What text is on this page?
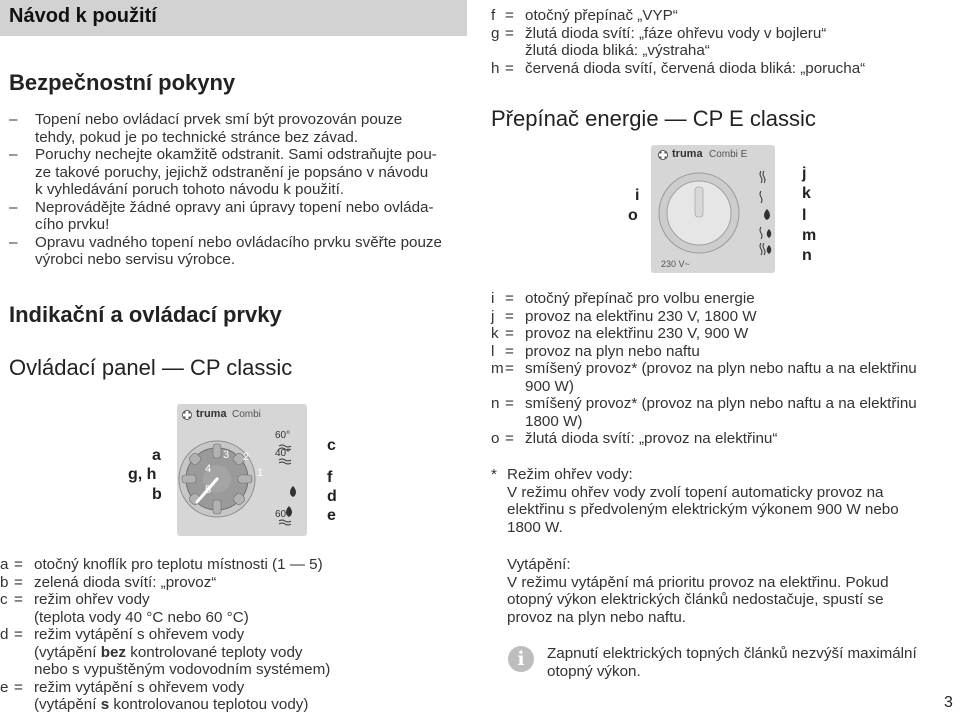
Návod k použití
Bezpečnostní pokyny
– Topení nebo ovládací prvek smí být provozován pouze
tehdy, pokud je po technické stránce bez závad.
– Poruchy nechejte okamžitě odstranit. Sami odstraňujte pou-
ze takové poruchy, jejichž odstranění je popsáno v návodu
k vyhledávání poruch tohoto návodu k použití.
– Neprovádějte žádné opravy ani úpravy topení nebo ovláda-
cího prvku!
– Opravu vadného topení nebo ovládacího prvku svěřte pouze
výrobci nebo servisu výrobce.
Indikační a ovládací prvky

Ovládací panel — CP classic

truma Combi
60°
40°
60°
1
2
3
4
5
a
g, h
b
c
f
d
e
a = otočný knoflík pro teplotu místnosti (1 — 5)
b = zelená dioda svítí: „provoz“
c = režim ohřev vody
(teplota vody 40 °C nebo 60 °C)
d = režim vytápění s ohřevem vody
(vytápění bez kontrolované teploty vody
nebo s vypuštěným vodovodním systémem)
e = režim vytápění s ohřevem vody
(vytápění s kontrolovanou teplotou vody)
f = otočný přepínač „VYP“
g = žlutá dioda svítí: „fáze ohřevu vody v bojleru“
žlutá dioda bliká: „výstraha“
h = červená dioda svítí, červená dioda bliká: „porucha“

Přepínač energie — CP E classic

truma Combi E
230 V~
i
o
j
k
l
m
n
i = otočný přepínač pro volbu energie
j = provoz na elektřinu 230 V, 1800 W
k = provoz na elektřinu 230 V, 900 W
l = provoz na plyn nebo naftu
m = smíšený provoz* (provoz na plyn nebo naftu a na elektřinu
900 W)
n = smíšený provoz* (provoz na plyn nebo naftu a na elektřinu
1800 W)
o = žlutá dioda svítí: „provoz na elektřinu“
* Režim ohřev vody:
V režimu ohřev vody zvolí topení automaticky provoz na
elektřinu s předvoleným elektrickým výkonem 900 W nebo
1800 W.
Vytápění:
V režimu vytápění má prioritu provoz na elektřinu. Pokud
otopný výkon elektrických článků nedostačuje, spustí se
provoz na plyn nebo naftu.
i	Zapnutí elektrických topných článků nezvýší maximální
otopný výkon.
3
